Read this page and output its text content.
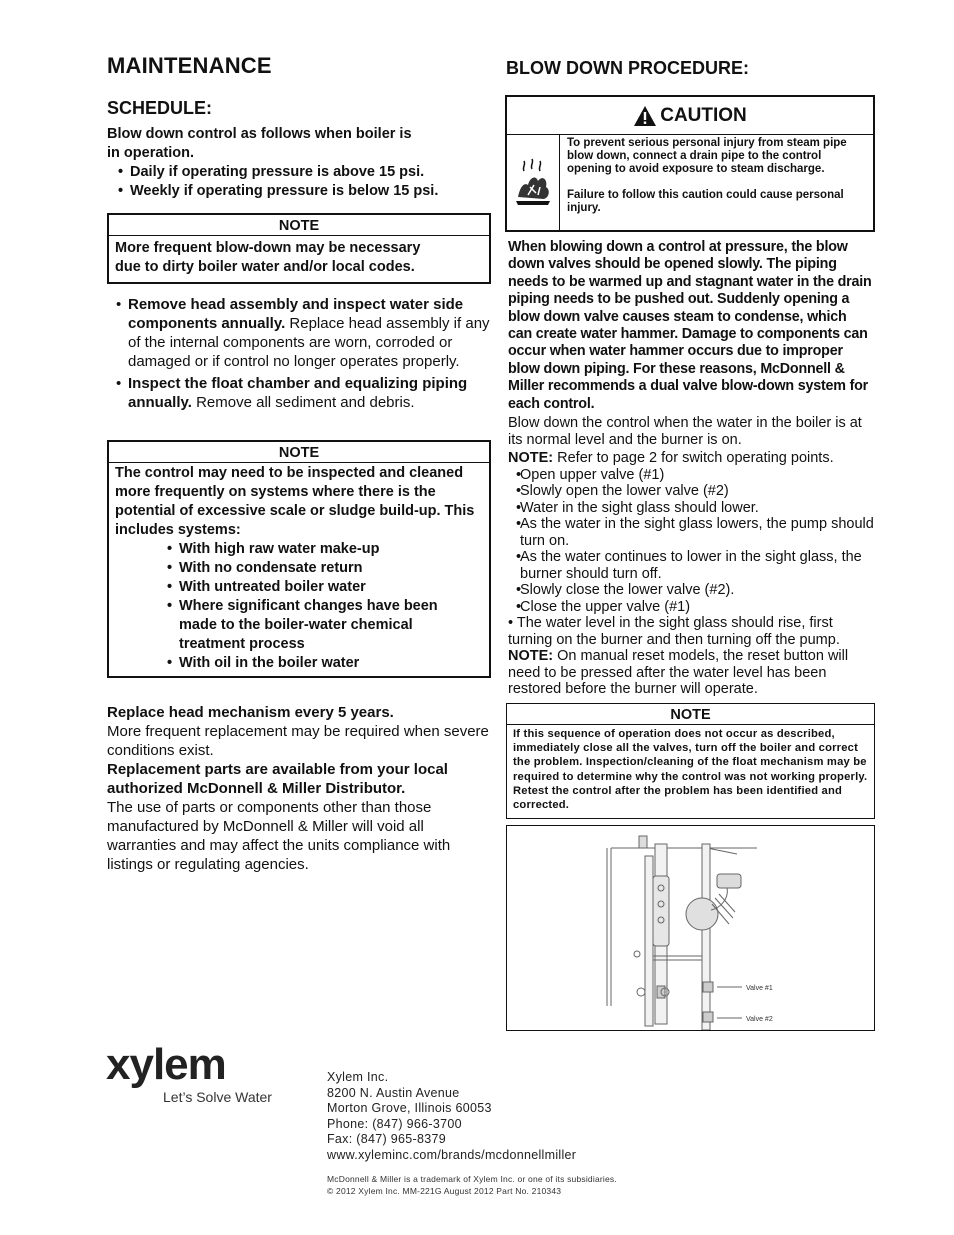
MAINTENANCE
SCHEDULE:
Blow down control as follows when boiler is
in operation.
• Daily if operating pressure is above 15 psi.
• Weekly if operating pressure is below 15 psi.
NOTE
More frequent blow-down may be necessary
due to dirty boiler water and/or local codes.
• Remove head assembly and inspect water side components annually. Replace head assembly if any of the internal components are worn, corroded or damaged or if control no longer operates properly.
• Inspect the float chamber and equalizing piping annually. Remove all sediment and debris.
NOTE
The control may need to be inspected and cleaned more frequently on systems where there is the potential of excessive scale or sludge build-up. This includes systems:
• With high raw water make-up
• With no condensate return
• With untreated boiler water
• Where significant changes have been made to the boiler-water chemical treatment process
• With oil in the boiler water
Replace head mechanism every 5 years.
More frequent replacement may be required when severe conditions exist.
Replacement parts are available from your local authorized McDonnell & Miller Distributor.
The use of parts or components other than those manufactured by McDonnell & Miller will void all warranties and may affect the units compliance with listings or regulating agencies.
BLOW DOWN PROCEDURE:
CAUTION
To prevent serious personal injury from steam pipe blow down, connect a drain pipe to the control opening to avoid exposure to steam discharge.
Failure to follow this caution could cause personal injury.
When blowing down a control at pressure, the blow down valves should be opened slowly. The piping needs to be warmed up and stagnant water in the drain piping needs to be pushed out. Suddenly opening a blow down valve causes steam to condense, which can create water hammer. Damage to components can occur when water hammer occurs due to improper blow down piping. For these reasons, McDonnell & Miller recommends a dual valve blow-down system for each control.
Blow down the control when the water in the boiler is at its normal level and the burner is on.
NOTE: Refer to page 2 for switch operating points.
• Open upper valve (#1)
• Slowly open the lower valve (#2)
• Water in the sight glass should lower.
• As the water in the sight glass lowers, the pump should turn on.
• As the water continues to lower in the sight glass, the burner should turn off.
• Slowly close the lower valve (#2).
• Close the upper valve (#1)
• The water level in the sight glass should rise, first turning on the burner and then turning off the pump.
NOTE: On manual reset models, the reset button will need to be pressed after the water level has been restored before the burner will operate.
NOTE
If this sequence of operation does not occur as described, immediately close all the valves, turn off the boiler and correct the problem. Inspection/cleaning of the float mechanism may be required to determine why the control was not working properly. Retest the control after the problem has been identified and corrected.
Valve #1
Valve #2
xylem
Let’s Solve Water
Xylem Inc.
8200 N. Austin Avenue
Morton Grove, Illinois 60053
Phone: (847) 966-3700
Fax: (847) 965-8379
www.xyleminc.com/brands/mcdonnellmiller
McDonnell & Miller is a trademark of Xylem Inc. or one of its subsidiaries.
© 2012 Xylem Inc. MM-221G August 2012 Part No. 210343
